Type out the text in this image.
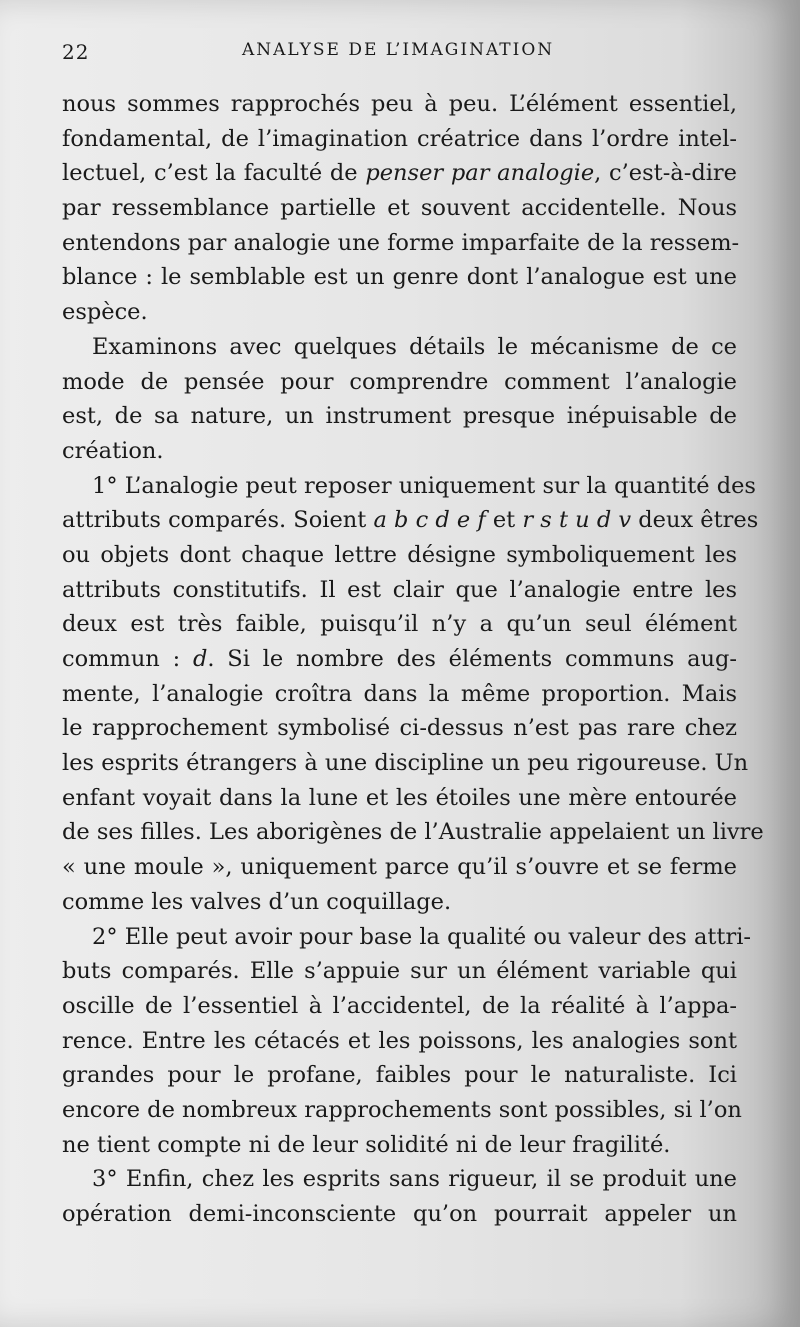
22	ANALYSE DE L’IMAGINATION
nous sommes rapprochés peu à peu. L’élément essentiel,
fondamental, de l’imagination créatrice dans l’ordre intel-
lectuel, c’est la faculté de penser par analogie, c’est-à-dire
par ressemblance partielle et souvent accidentelle. Nous
entendons par analogie une forme imparfaite de la ressem-
blance : le semblable est un genre dont l’analogue est une
espèce.
Examinons avec quelques détails le mécanisme de ce
mode de pensée pour comprendre comment l’analogie
est, de sa nature, un instrument presque inépuisable de
création.
1° L’analogie peut reposer uniquement sur la quantité des
attributs comparés. Soient a b c d e f et r s t u d v deux êtres
ou objets dont chaque lettre désigne symboliquement les
attributs constitutifs. Il est clair que l’analogie entre les
deux est très faible, puisqu’il n’y a qu’un seul élément
commun : d. Si le nombre des éléments communs aug-
mente, l’analogie croîtra dans la même proportion. Mais
le rapprochement symbolisé ci-dessus n’est pas rare chez
les esprits étrangers à une discipline un peu rigoureuse. Un
enfant voyait dans la lune et les étoiles une mère entourée
de ses filles. Les aborigènes de l’Australie appelaient un livre
« une moule », uniquement parce qu’il s’ouvre et se ferme
comme les valves d’un coquillage.
2° Elle peut avoir pour base la qualité ou valeur des attri-
buts comparés. Elle s’appuie sur un élément variable qui
oscille de l’essentiel à l’accidentel, de la réalité à l’appa-
rence. Entre les cétacés et les poissons, les analogies sont
grandes pour le profane, faibles pour le naturaliste. Ici
encore de nombreux rapprochements sont possibles, si l’on
ne tient compte ni de leur solidité ni de leur fragilité.
3° Enfin, chez les esprits sans rigueur, il se produit une
opération demi-inconsciente qu’on pourrait appeler un
